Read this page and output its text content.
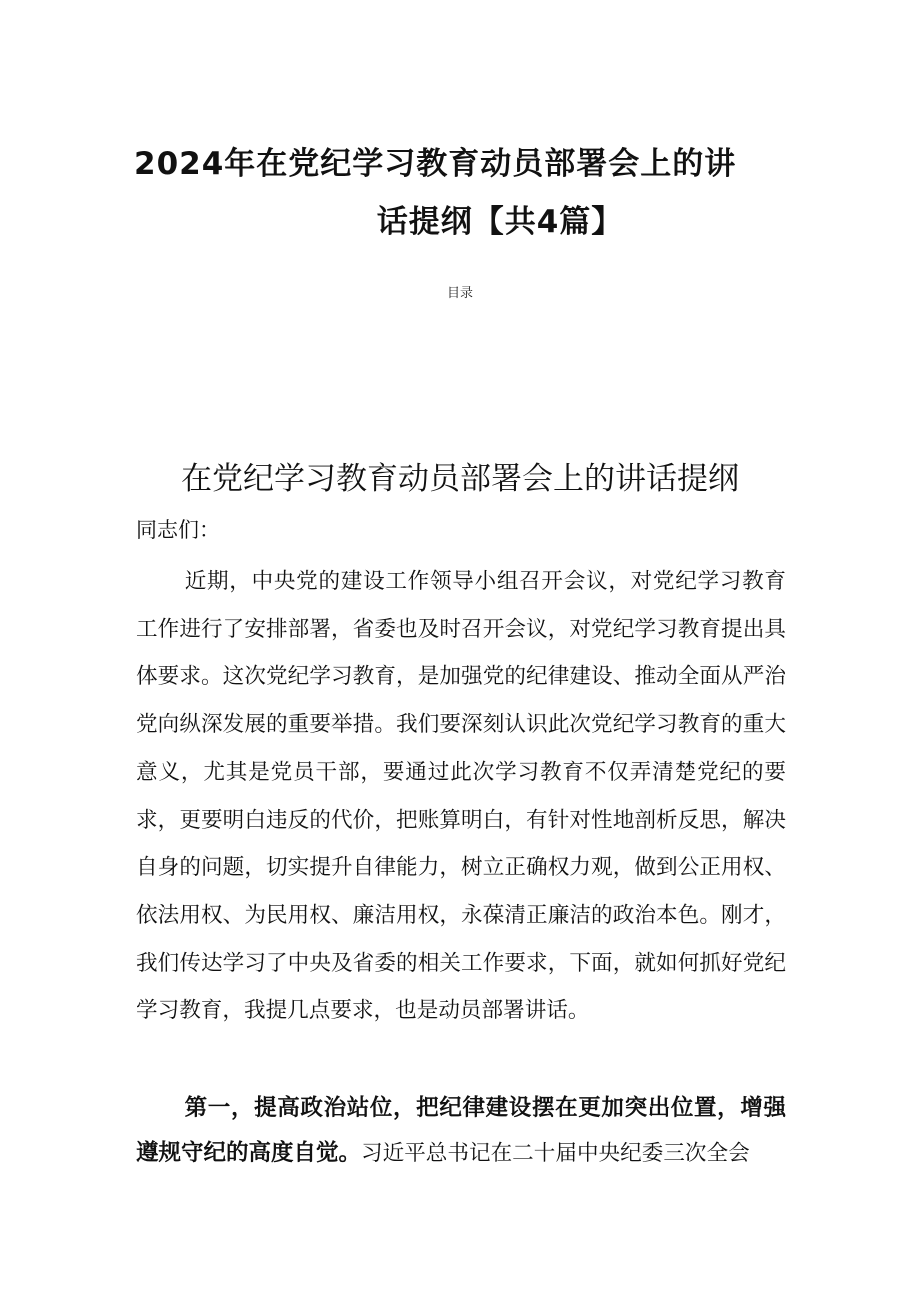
2024年在党纪学习教育动员部署会上的讲
话提纲【共4篇】
目录
在党纪学习教育动员部署会上的讲话提纲
同志们：
近期，中央党的建设工作领导小组召开会议，对党纪学习教育工作进行了安排部署，省委也及时召开会议，对党纪学习教育提出具体要求。这次党纪学习教育，是加强党的纪律建设、推动全面从严治党向纵深发展的重要举措。我们要深刻认识此次党纪学习教育的重大意义，尤其是党员干部，要通过此次学习教育不仅弄清楚党纪的要求，更要明白违反的代价，把账算明白，有针对性地剖析反思，解决自身的问题，切实提升自律能力，树立正确权力观，做到公正用权、依法用权、为民用权、廉洁用权，永葆清正廉洁的政治本色。刚才，我们传达学习了中央及省委的相关工作要求，下面，就如何抓好党纪学习教育，我提几点要求，也是动员部署讲话。
第一，提高政治站位，把纪律建设摆在更加突出位置，增强遵规守纪的高度自觉。习近平总书记在二十届中央纪委三次全会
